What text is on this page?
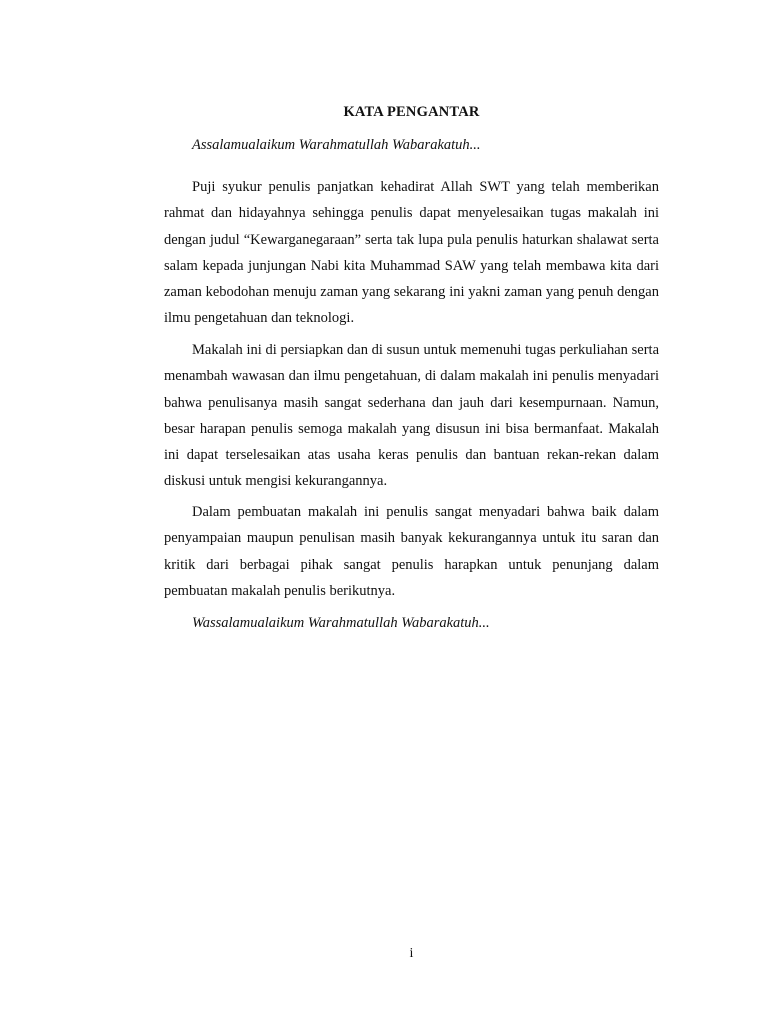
KATA PENGANTAR

Assalamualaikum Warahmatullah Wabarakatuh...

Puji syukur penulis panjatkan kehadirat Allah SWT yang telah memberikan rahmat dan hidayahnya sehingga penulis dapat menyelesaikan tugas makalah ini dengan judul “Kewarganegaraan” serta tak lupa pula penulis haturkan shalawat serta salam kepada junjungan Nabi kita Muhammad SAW yang telah membawa kita dari zaman kebodohan menuju zaman yang sekarang ini yakni zaman yang penuh dengan ilmu pengetahuan dan teknologi.

Makalah ini di persiapkan dan di susun untuk memenuhi tugas perkuliahan serta menambah wawasan dan ilmu pengetahuan, di dalam makalah ini penulis menyadari bahwa penulisanya masih sangat sederhana dan jauh dari kesempurnaan. Namun, besar harapan penulis semoga makalah yang disusun ini bisa bermanfaat. Makalah ini dapat terselesaikan atas usaha keras penulis dan bantuan rekan-rekan dalam diskusi untuk mengisi kekurangannya.

Dalam pembuatan makalah ini penulis sangat menyadari bahwa baik dalam penyampaian maupun penulisan masih banyak kekurangannya untuk itu saran dan kritik dari berbagai pihak sangat penulis harapkan untuk penunjang dalam pembuatan makalah penulis berikutnya.

Wassalamualaikum Warahmatullah Wabarakatuh...

i
